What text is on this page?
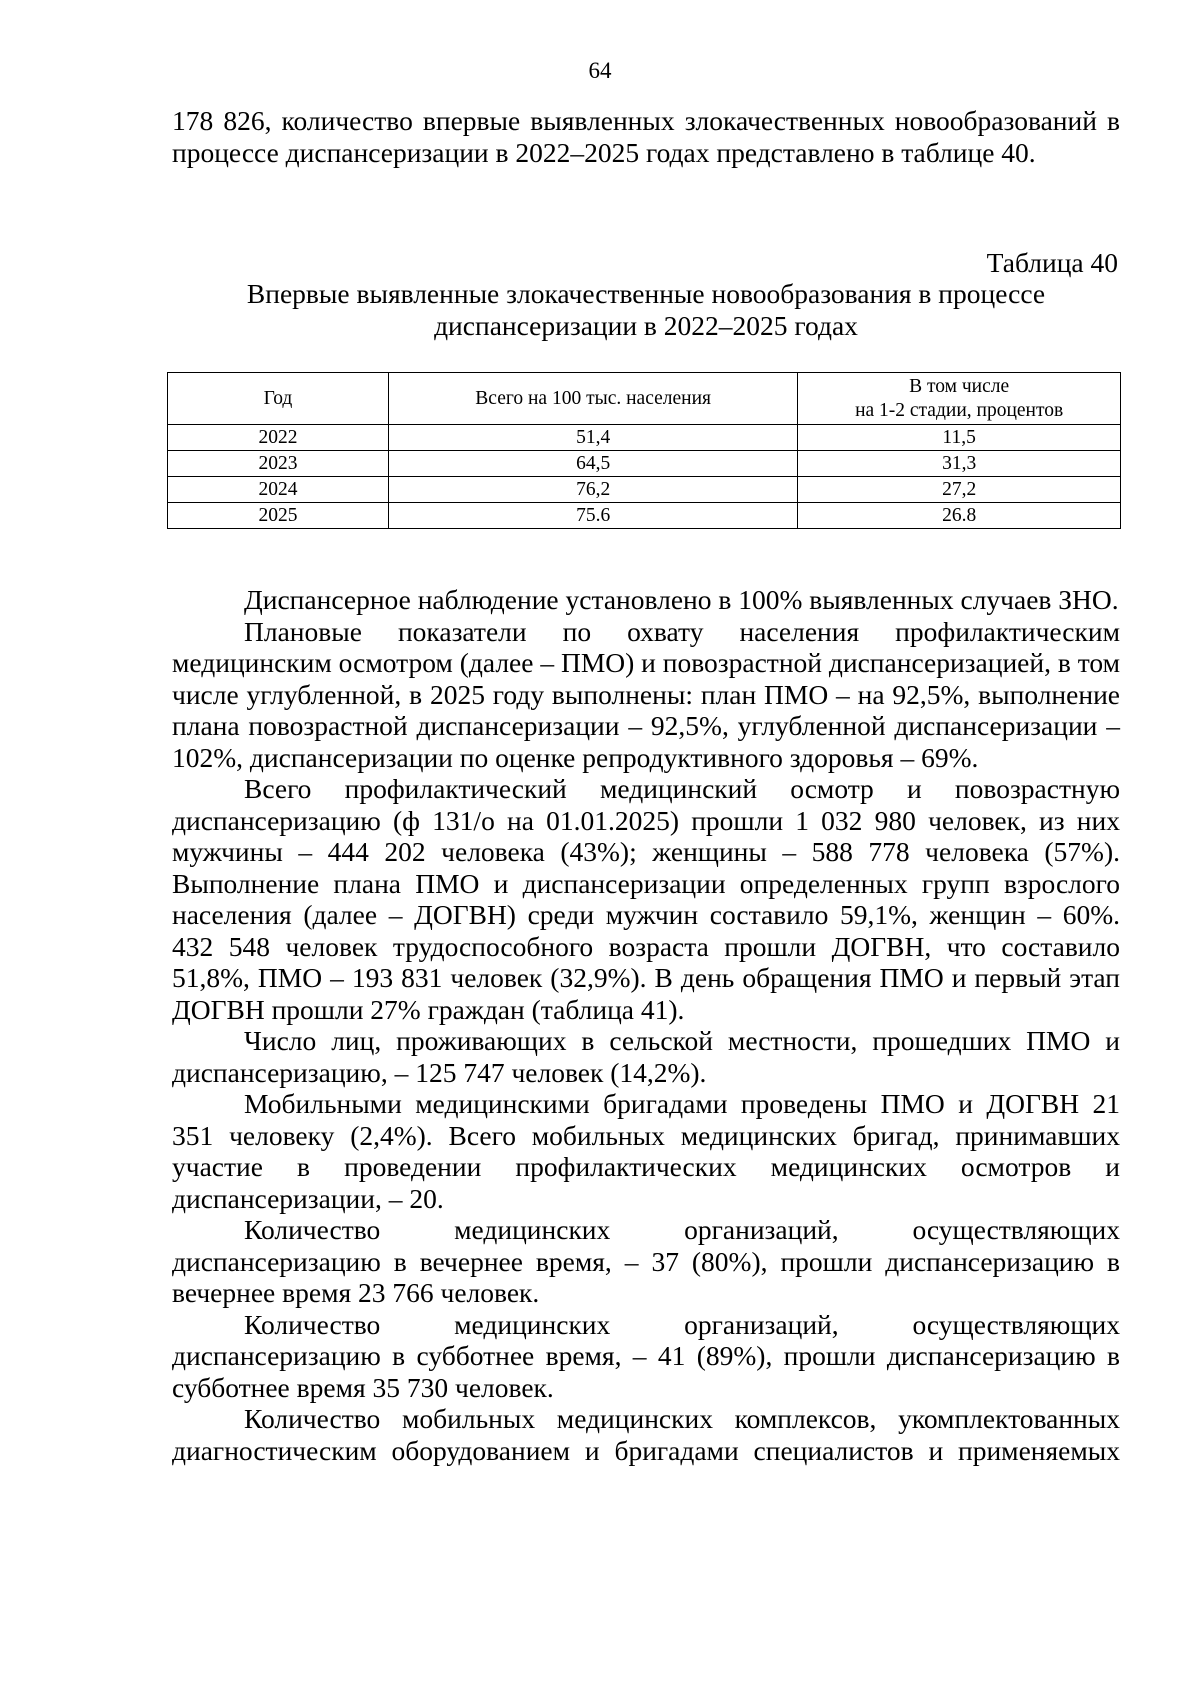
64

178 826, количество впервые выявленных злокачественных новообразований в процессе диспансеризации в 2022–2025 годах представлено в таблице 40.

Таблица 40
Впервые выявленные злокачественные новообразования в процессе
диспансеризации в 2022–2025 годах
Год	Всего на 100 тыс. населения	В том числе
на 1-2 стадии, процентов

2022	51,4	11,5
2023	64,5	31,3
2024	76,2	27,2
2025	75.6	26.8

Диспансерное наблюдение установлено в 100% выявленных случаев ЗНО.

Плановые показатели по охвату населения профилактическим медицинским осмотром (далее – ПМО) и повозрастной диспансеризацией, в том числе углубленной, в 2025 году выполнены: план ПМО – на 92,5%, выполнение плана повозрастной диспансеризации – 92,5%, углубленной диспансеризации – 102%, диспансеризации по оценке репродуктивного здоровья – 69%.

Всего профилактический медицинский осмотр и повозрастную диспансеризацию (ф 131/о на 01.01.2025) прошли 1 032 980 человек, из них мужчины – 444 202 человека (43%); женщины – 588 778 человека (57%). Выполнение плана ПМО и диспансеризации определенных групп взрослого населения (далее – ДОГВН) среди мужчин составило 59,1%, женщин – 60%. 432 548 человек трудоспособного возраста прошли ДОГВН, что составило 51,8%, ПМО – 193 831 человек (32,9%). В день обращения ПМО и первый этап ДОГВН прошли 27% граждан (таблица 41).

Число лиц, проживающих в сельской местности, прошедших ПМО и диспансеризацию, – 125 747 человек (14,2%).

Мобильными медицинскими бригадами проведены ПМО и ДОГВН 21 351 человеку (2,4%). Всего мобильных медицинских бригад, принимавших участие в проведении профилактических медицинских осмотров и диспансеризации, – 20.

Количество медицинских организаций, осуществляющих диспансеризацию в вечернее время, – 37 (80%), прошли диспансеризацию в вечернее время 23 766 человек.

Количество медицинских организаций, осуществляющих диспансеризацию в субботнее время, – 41 (89%), прошли диспансеризацию в субботнее время 35 730 человек.

Количество мобильных медицинских комплексов, укомплектованных диагностическим оборудованием и бригадами специалистов и применяемых
